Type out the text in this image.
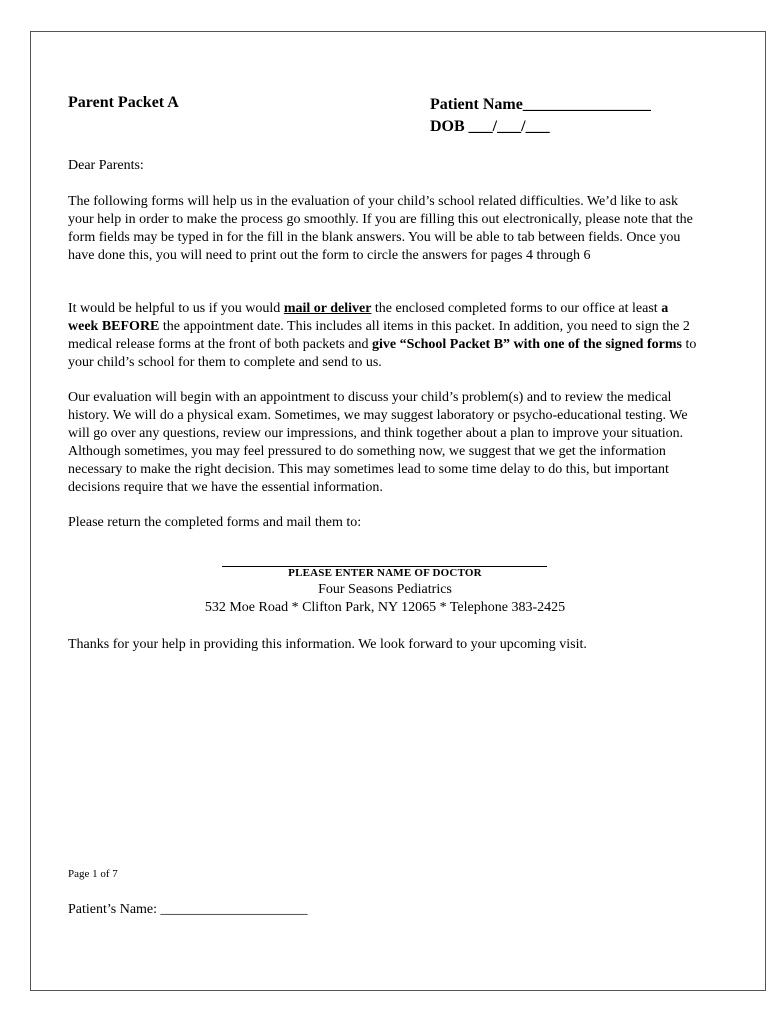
Parent Packet A	Patient Name________________
DOB ___/___/___
Dear Parents:
The following forms will help us in the evaluation of your child’s school related difficulties. We’d like to ask your help in order to make the process go smoothly. If you are filling this out electronically, please note that the form fields may be typed in for the fill in the blank answers. You will be able to tab between fields. Once you have done this, you will need to print out the form to circle the answers for pages 4 through 6
It would be helpful to us if you would mail or deliver the enclosed completed forms to our office at least a week BEFORE the appointment date. This includes all items in this packet. In addition, you need to sign the 2 medical release forms at the front of both packets and give “School Packet B” with one of the signed forms to your child’s school for them to complete and send to us.
Our evaluation will begin with an appointment to discuss your child’s problem(s) and to review the medical history. We will do a physical exam. Sometimes, we may suggest laboratory or psycho-educational testing. We will go over any questions, review our impressions, and think together about a plan to improve your situation. Although sometimes, you may feel pressured to do something now, we suggest that we get the information necessary to make the right decision. This may sometimes lead to some time delay to do this, but important decisions require that we have the essential information.
Please return the completed forms and mail them to:
PLEASE ENTER NAME OF DOCTOR
Four Seasons Pediatrics
532 Moe Road * Clifton Park, NY 12065 * Telephone 383-2425
Thanks for your help in providing this information. We look forward to your upcoming visit.
Page 1 of 7
Patient’s Name: _____________________
